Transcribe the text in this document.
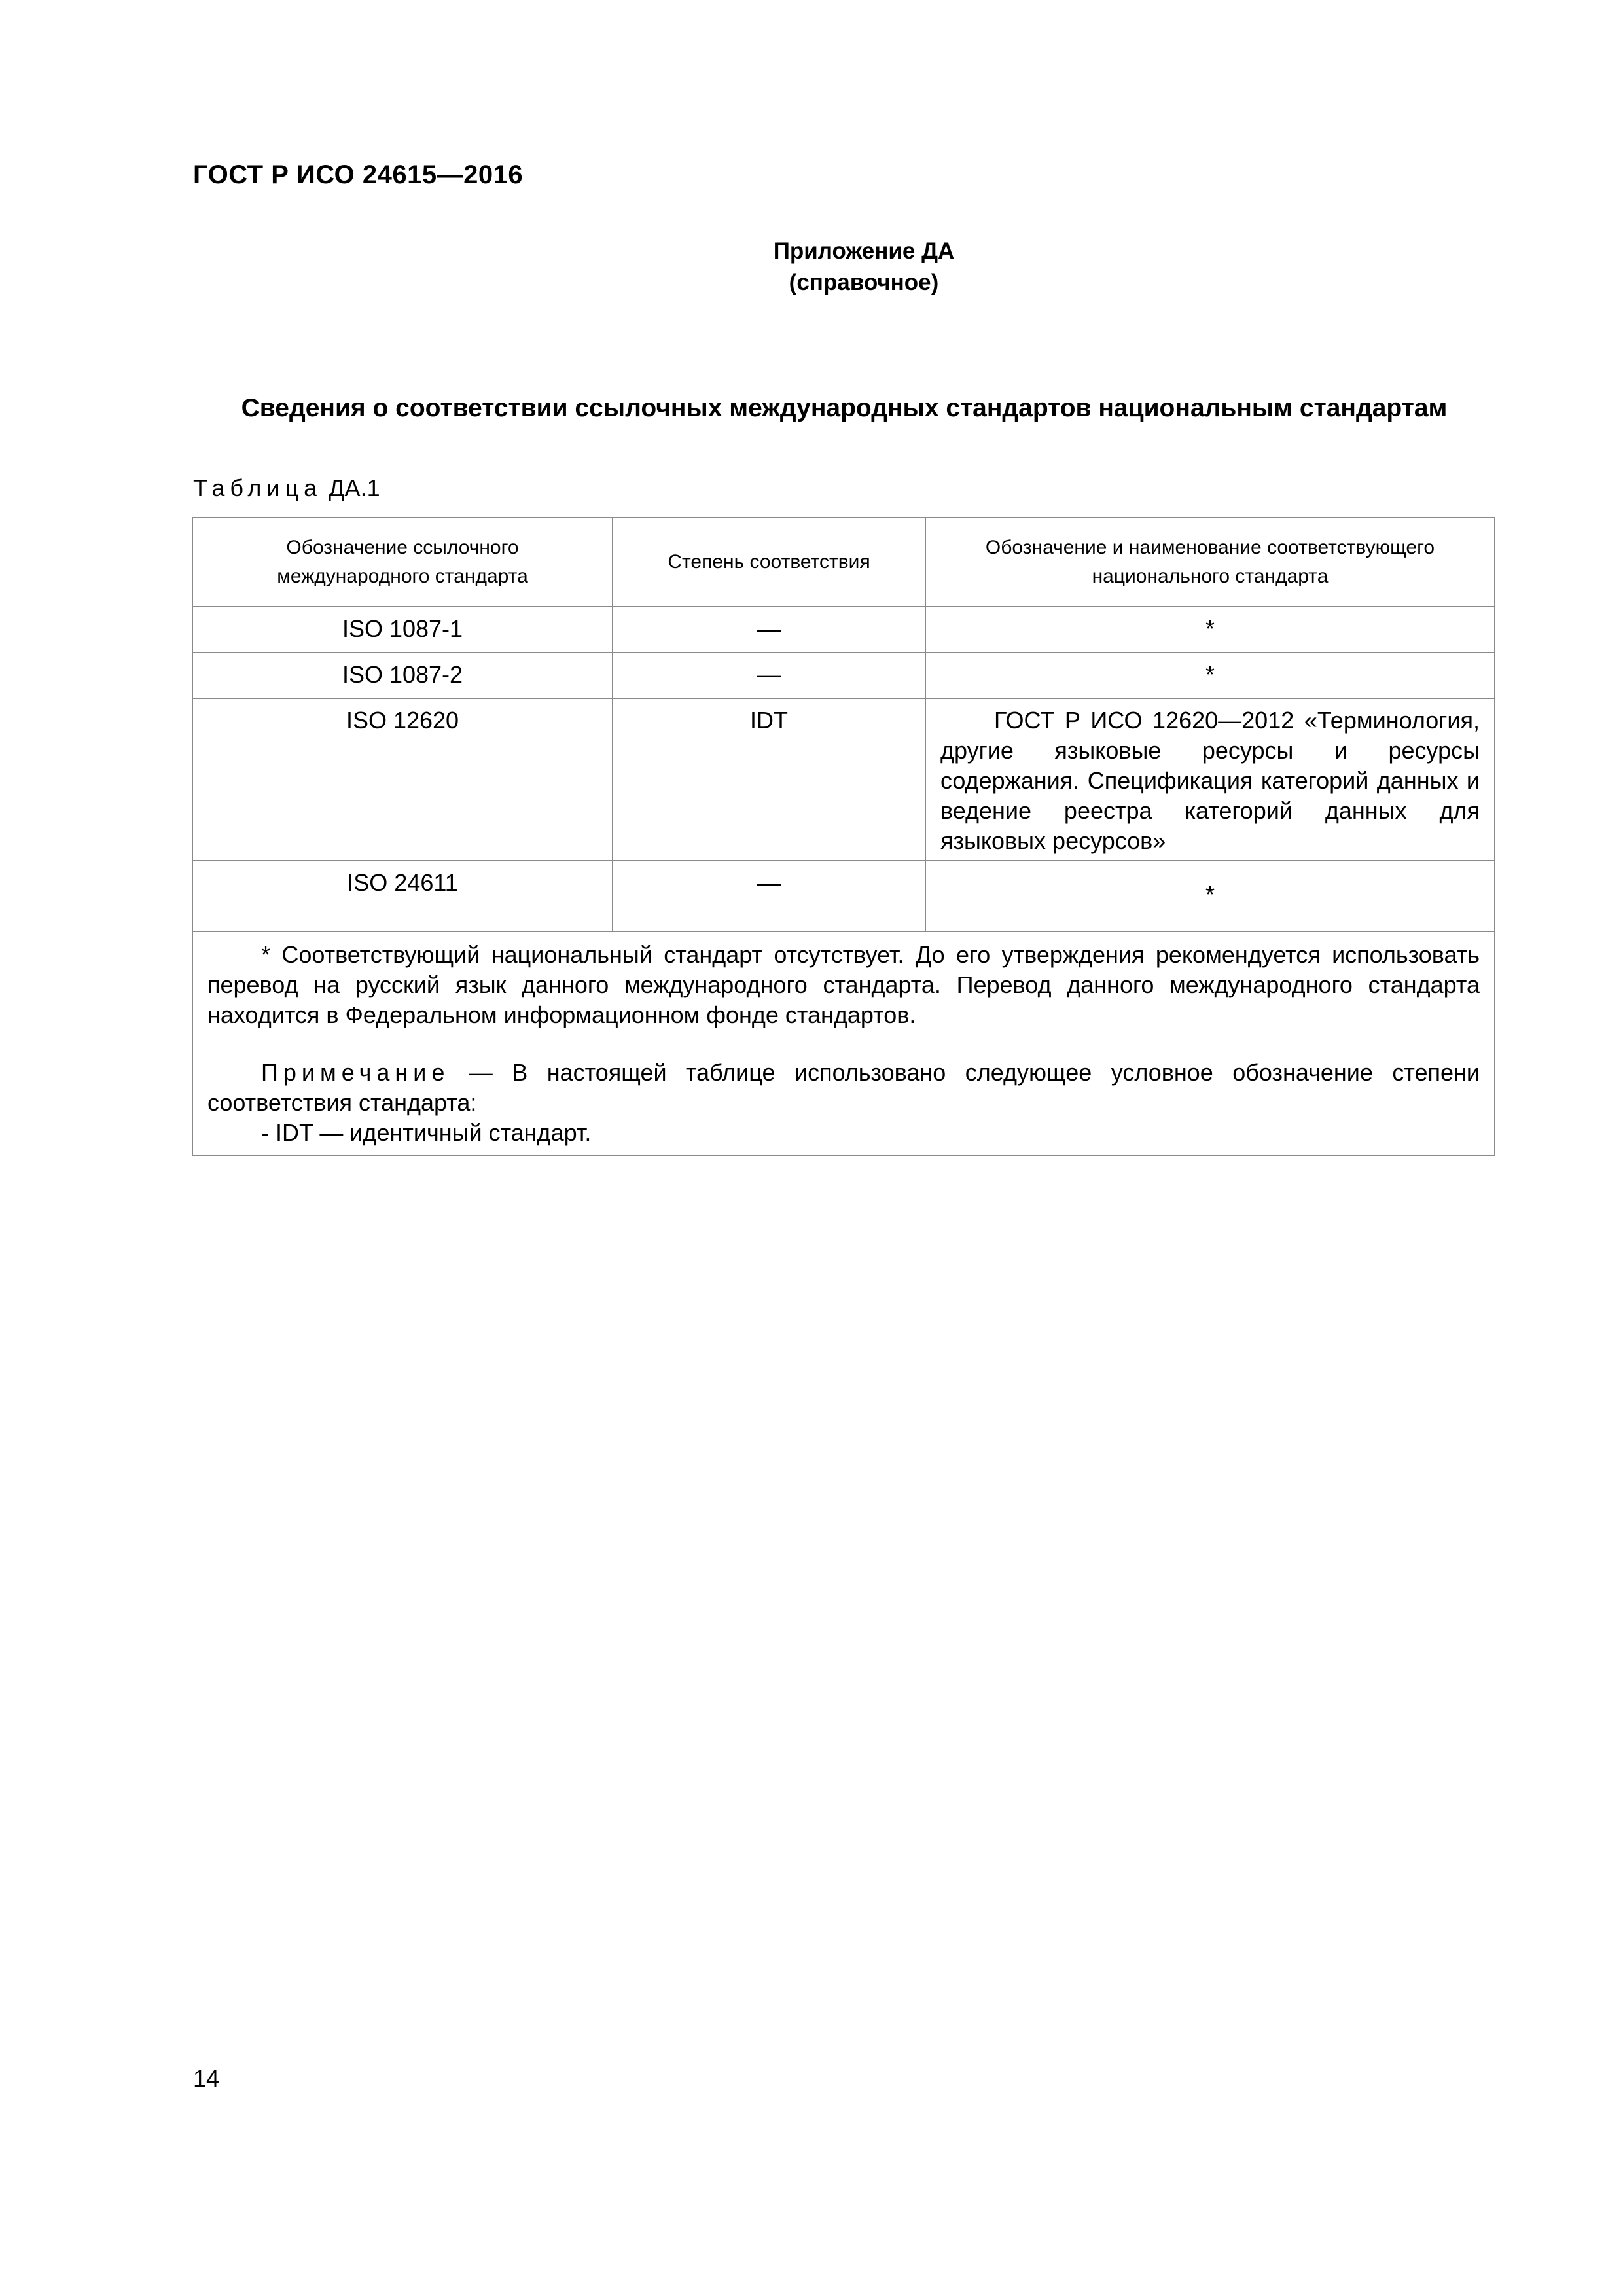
ГОСТ Р ИСО 24615—2016
Приложение ДА
(справочное)
Сведения о соответствии ссылочных международных стандартов национальным стандартам
Таблица ДА.1
Обозначение ссылочного международного стандарта	Степень соответствия	Обозначение и наименование соответствующего национального стандарта

ISO 1087-1	—	*
ISO 1087-2	—	*
ISO 12620	IDT	ГОСТ Р ИСО 12620—2012 «Терминология, другие языковые ресурсы и ресурсы содержания. Спецификация категорий данных и ведение реестра категорий данных для языковых ресурсов»

ISO 24611	—	*

* Соответствующий национальный стандарт отсутствует. До его утверждения рекомендуется использовать перевод на русский язык данного международного стандарта. Перевод данного международного стандарта находится в Федеральном информационном фонде стандартов.

Примечание — В настоящей таблице использовано следующее условное обозначение степени соответствия стандарта:

- IDT — идентичный стандарт.		

14
